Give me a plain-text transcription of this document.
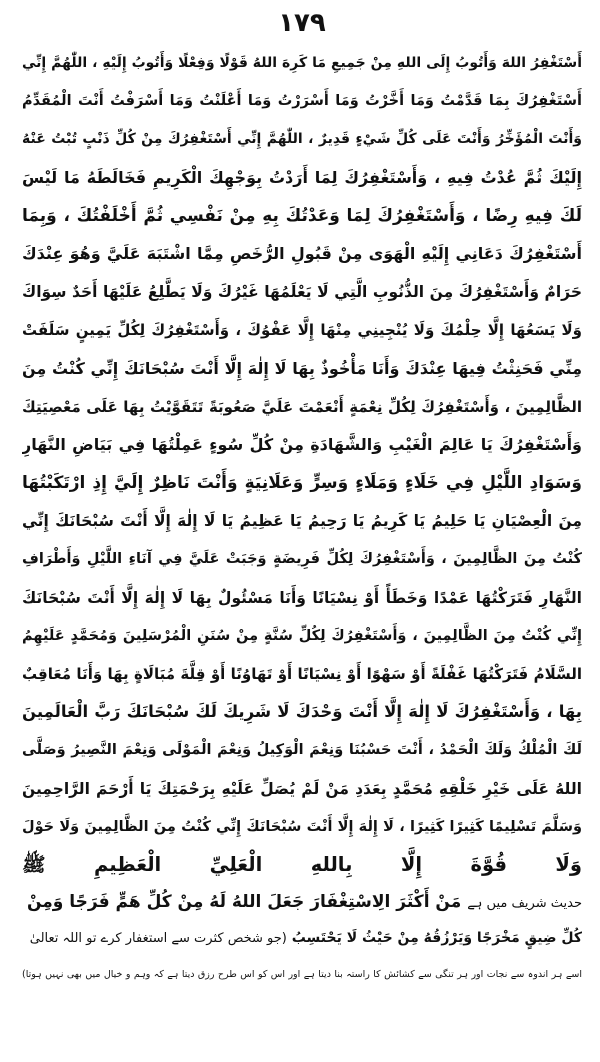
١٧٩
أَسْتَغْفِرُ اللهَ وَأَتُوبُ إِلَى اللهِ مِنْ جَمِيعِ مَا كَرِهَ اللهُ قَوْلًا وَفِعْلًا وَأَتُوبُ إِلَيْهِ ، اللّٰهُمَّ إِنِّي
أَسْتَغْفِرُكَ بِمَا قَدَّمْتُ وَمَا أَخَّرْتُ وَمَا أَسْرَرْتُ وَمَا أَعْلَنْتُ وَمَا أَسْرَفْتُ أَنْتَ الْمُقَدِّمُ
وَأَنْتَ الْمُؤَخِّرُ وَأَنْتَ عَلَى كُلِّ شَيْءٍ قَدِيرٌ ، اللّٰهُمَّ إِنِّي أَسْتَغْفِرُكَ مِنْ كُلِّ ذَنْبٍ تُبْتُ عَنْهُ
إِلَيْكَ ثُمَّ عُدْتُ فِيهِ ، وَأَسْتَغْفِرُكَ لِمَا أَرَدْتُ بِوَجْهِكَ الْكَرِيمِ فَخَالَطَهُ مَا لَيْسَ
لَكَ فِيهِ رِضًا ، وَأَسْتَغْفِرُكَ لِمَا وَعَدْتُكَ بِهِ مِنْ نَفْسِي ثُمَّ أَخْلَفْتُكَ ، وَبِمَا
أَسْتَغْفِرُكَ دَعَانِي إِلَيْهِ الْهَوَى مِنْ قَبُولِ الرُّخَصِ مِمَّا اشْتَبَهَ عَلَيَّ وَهُوَ عِنْدَكَ
حَرَامٌ وَأَسْتَغْفِرُكَ مِنَ الذُّنُوبِ الَّتِي لَا يَعْلَمُهَا غَيْرُكَ وَلَا يَطَّلِعُ عَلَيْهَا أَحَدٌ سِوَاكَ
وَلَا يَسَعُهَا إِلَّا حِلْمُكَ وَلَا يُنْجِينِي مِنْهَا إِلَّا عَفْوُكَ ، وَأَسْتَغْفِرُكَ لِكُلِّ يَمِينٍ سَلَفَتْ
مِنِّي فَحَنِثْتُ فِيهَا عِنْدَكَ وَأَنَا مَأْخُوذٌ بِهَا لَا إِلٰهَ إِلَّا أَنْتَ سُبْحَانَكَ إِنِّي كُنْتُ مِنَ
الظَّالِمِينَ ، وَأَسْتَغْفِرُكَ لِكُلِّ نِعْمَةٍ أَنْعَمْتَ عَلَيَّ صَعُوبَةً تَتَقَوَّيْتُ بِهَا عَلَى مَعْصِيَتِكَ
وَأَسْتَغْفِرُكَ يَا عَالِمَ الْغَيْبِ وَالشَّهَادَةِ مِنْ كُلِّ سُوءٍ عَمِلْتُهَا فِي بَيَاضِ النَّهَارِ
وَسَوَادِ اللَّيْلِ فِي خَلَاءٍ وَمَلَاءٍ وَسِرٍّ وَعَلَانِيَةٍ وَأَنْتَ نَاظِرٌ إِلَيَّ إِذِ ارْتَكَبْتُهَا
مِنَ الْعِصْيَانِ يَا حَلِيمُ يَا كَرِيمُ يَا رَحِيمُ يَا عَظِيمُ يَا لَا إِلٰهَ إِلَّا أَنْتَ سُبْحَانَكَ إِنِّي
كُنْتُ مِنَ الظَّالِمِينَ ، وَأَسْتَغْفِرُكَ لِكُلِّ فَرِيضَةٍ وَجَبَتْ عَلَيَّ فِي آنَاءِ اللَّيْلِ وَأَطْرَافِ
النَّهَارِ فَتَرَكْتُهَا عَمْدًا وَخَطَأً أَوْ نِسْيَانًا وَأَنَا مَسْئُولٌ بِهَا لَا إِلٰهَ إِلَّا أَنْتَ سُبْحَانَكَ
إِنِّي كُنْتُ مِنَ الظَّالِمِينَ ، وَأَسْتَغْفِرُكَ لِكُلِّ سُنَّةٍ مِنْ سُنَنِ الْمُرْسَلِينَ وَمُحَمَّدٍ عَلَيْهِمُ
السَّلَامُ فَتَرَكْتُهَا غَفْلَةً أَوْ سَهْوًا أَوْ نِسْيَانًا أَوْ تَهَاوُنًا أَوْ قِلَّةَ مُبَالَاةٍ بِهَا وَأَنَا مُعَاقِبٌ
بِهَا ، وَأَسْتَغْفِرُكَ لَا إِلٰهَ إِلَّا أَنْتَ وَحْدَكَ لَا شَرِيكَ لَكَ سُبْحَانَكَ رَبَّ الْعَالَمِينَ
لَكَ الْمُلْكُ وَلَكَ الْحَمْدُ ، أَنْتَ حَسْبُنَا وَنِعْمَ الْوَكِيلُ وَنِعْمَ الْمَوْلَى وَنِعْمَ النَّصِيرُ وَصَلَّى
اللهُ عَلَى خَيْرِ خَلْقِهِ مُحَمَّدٍ بِعَدَدِ مَنْ لَمْ يُصَلِّ عَلَيْهِ بِرَحْمَتِكَ يَا أَرْحَمَ الرَّاحِمِينَ
وَسَلَّمَ تَسْلِيمًا كَثِيرًا كَثِيرًا ، لَا إِلٰهَ إِلَّا أَنْتَ سُبْحَانَكَ إِنِّي كُنْتُ مِنَ الظَّالِمِينَ وَلَا حَوْلَ
وَلَا قُوَّةَ إِلَّا بِاللهِ الْعَلِيِّ الْعَظِيمِ ﷺ
حدیث شریف میں ہے مَنْ أَكْثَرَ الِاسْتِغْفَارَ جَعَلَ اللهُ لَهُ مِنْ كُلِّ هَمٍّ فَرَجًا وَمِنْ
كُلِّ ضِيقٍ مَخْرَجًا وَيَرْزُقُهُ مِنْ حَيْثُ لَا يَحْتَسِبُ (جو شخص کثرت سے استغفار کرے تو اللہ تعالیٰ
اسے ہر اندوہ سے نجات اور ہر تنگی سے کشائش کا راستہ بنا دیتا ہے اور اس کو اس طرح رزق دیتا ہے کہ وہم و خیال میں بھی نہیں ہوتا)
